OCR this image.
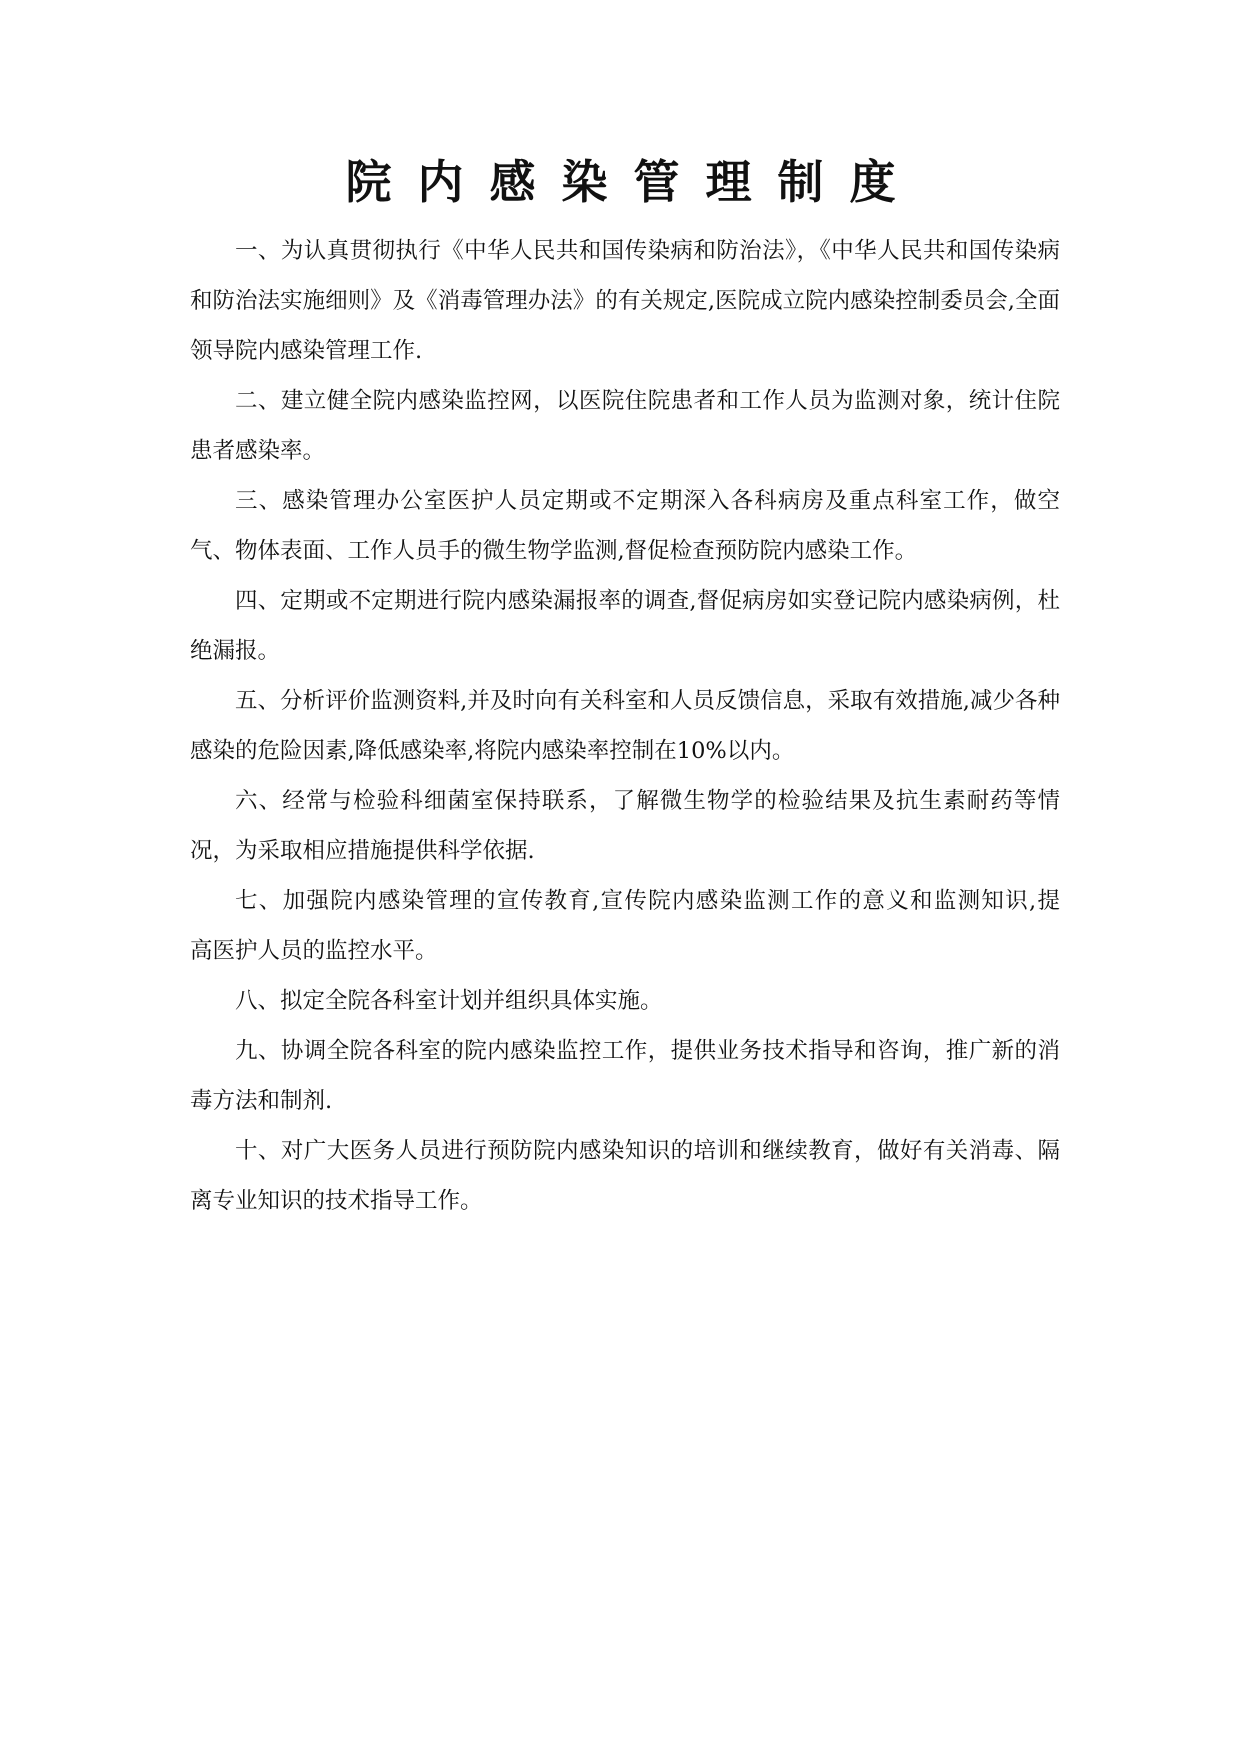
院内感染管理制度

一、为认真贯彻执行《中华人民共和国传染病和防治法》，《中华人民共和国传染病和防治法实施细则》及《消毒管理办法》的有关规定,医院成立院内感染控制委员会,全面领导院内感染管理工作.

二、建立健全院内感染监控网，以医院住院患者和工作人员为监测对象，统计住院患者感染率。

三、感染管理办公室医护人员定期或不定期深入各科病房及重点科室工作，做空气、物体表面、工作人员手的微生物学监测,督促检查预防院内感染工作。

四、定期或不定期进行院内感染漏报率的调查,督促病房如实登记院内感染病例，杜绝漏报。

五、分析评价监测资料,并及时向有关科室和人员反馈信息，采取有效措施,减少各种感染的危险因素,降低感染率,将院内感染率控制在10%以内。

六、经常与检验科细菌室保持联系，了解微生物学的检验结果及抗生素耐药等情况，为采取相应措施提供科学依据.

七、加强院内感染管理的宣传教育,宣传院内感染监测工作的意义和监测知识,提　　高医护人员的监控水平。

八、拟定全院各科室计划并组织具体实施。

九、协调全院各科室的院内感染监控工作，提供业务技术指导和咨询，推广新的消毒方法和制剂.

十、对广大医务人员进行预防院内感染知识的培训和继续教育，做好有关消毒、隔离专业知识的技术指导工作。
